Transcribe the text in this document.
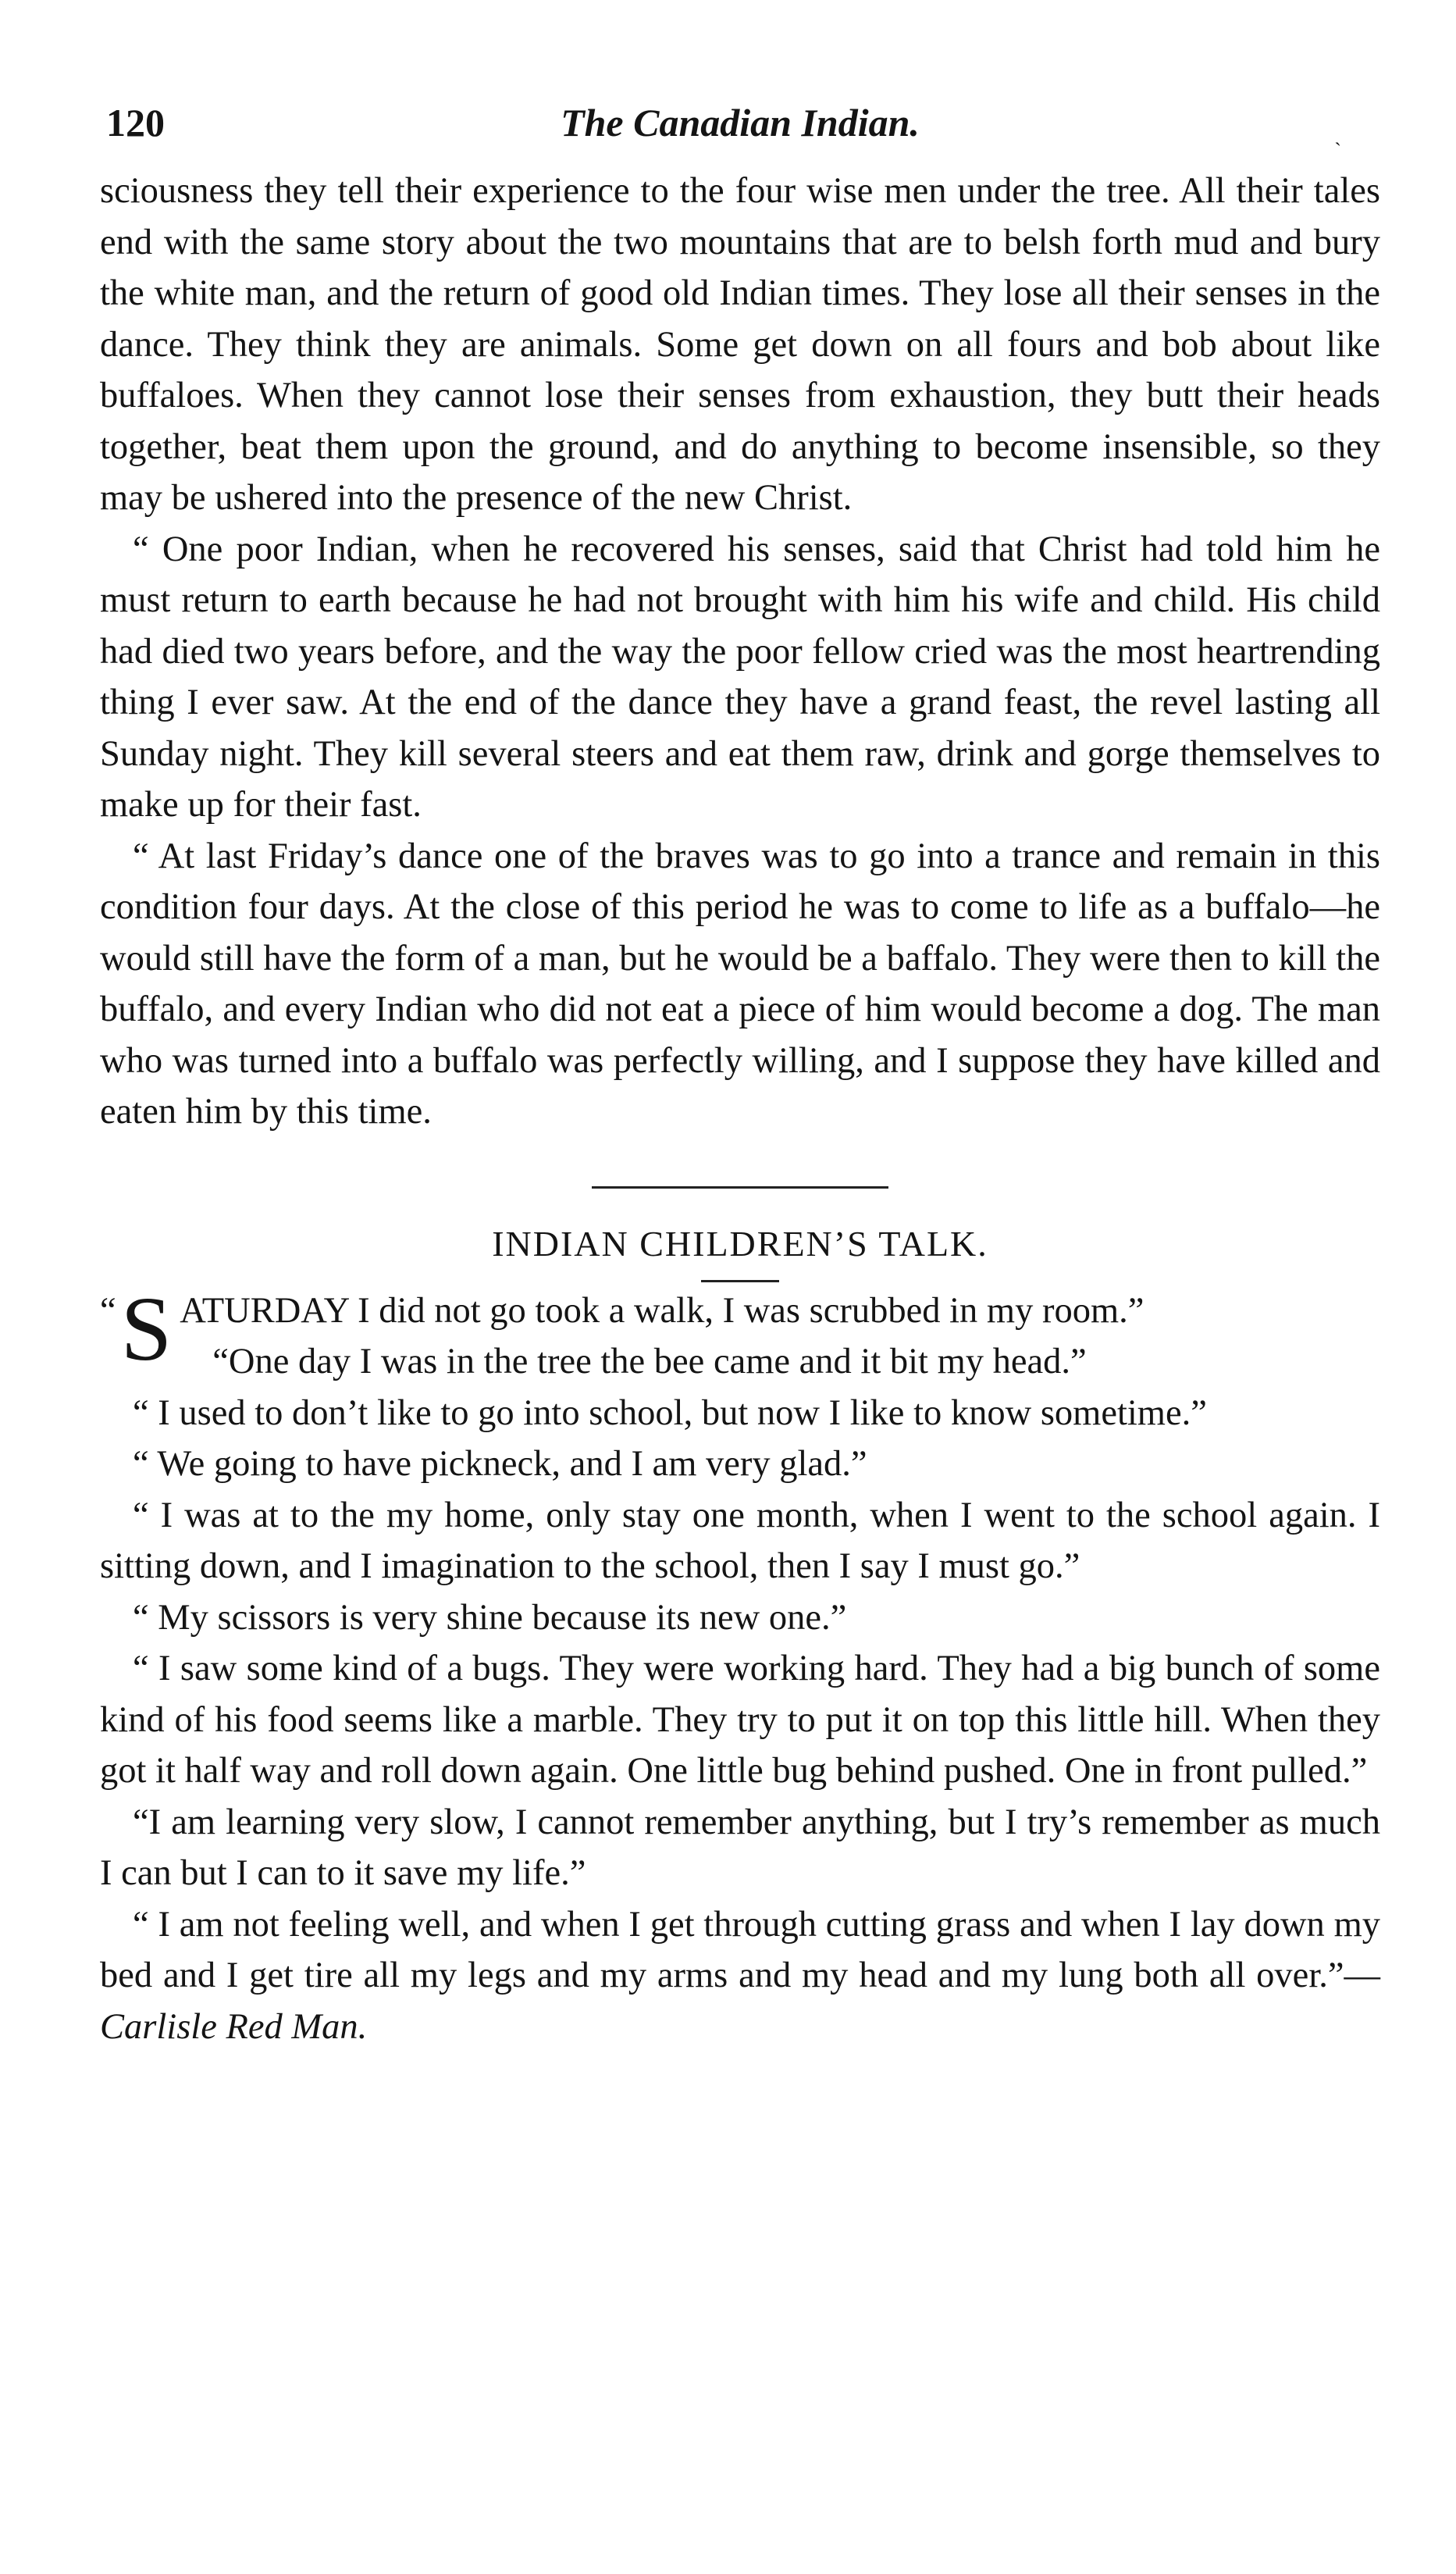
120	The Canadian Indian.	ˏ

sciousness they tell their experience to the four wise men under the tree. All their tales end with the same story about the two mountains that are to belsh forth mud and bury the white man, and the return of good old Indian times. They lose all their senses in the dance. They think they are animals. Some get down on all fours and bob about like buffaloes. When they cannot lose their senses from exhaustion, they butt their heads together, beat them upon the ground, and do anything to become insensible, so they may be ushered into the presence of the new Christ.

“ One poor Indian, when he recovered his senses, said that Christ had told him he must return to earth because he had not brought with him his wife and child. His child had died two years before, and the way the poor fellow cried was the most heartrending thing I ever saw. At the end of the dance they have a grand feast, the revel lasting all Sunday night. They kill several steers and eat them raw, drink and gorge themselves to make up for their fast.

“ At last Friday’s dance one of the braves was to go into a trance and remain in this condition four days. At the close of this period he was to come to life as a buffalo—he would still have the form of a man, but he would be a baffalo. They were then to kill the buffalo, and every Indian who did not eat a piece of him would become a dog. The man who was turned into a buffalo was perfectly willing, and I suppose they have killed and eaten him by this time.

INDIAN CHILDREN’S TALK.

“ S ATURDAY I did not go took a walk, I was scrubbed in my room.”

“One day I was in the tree the bee came and it bit my head.”

“ I used to don’t like to go into school, but now I like to know sometime.”

“ We going to have pickneck, and I am very glad.”

“ I was at to the my home, only stay one month, when I went to the school again. I sitting down, and I imagination to the school, then I say I must go.”

“ My scissors is very shine because its new one.”

“ I saw some kind of a bugs. They were working hard. They had a big bunch of some kind of his food seems like a marble. They try to put it on top this little hill. When they got it half way and roll down again. One little bug behind pushed. One in front pulled.”

“I am learning very slow, I cannot remember anything, but I try’s remember as much I can but I can to it save my life.”

“ I am not feeling well, and when I get through cutting grass and when I lay down my bed and I get tire all my legs and my arms and my head and my lung both all over.”—Carlisle Red Man.
